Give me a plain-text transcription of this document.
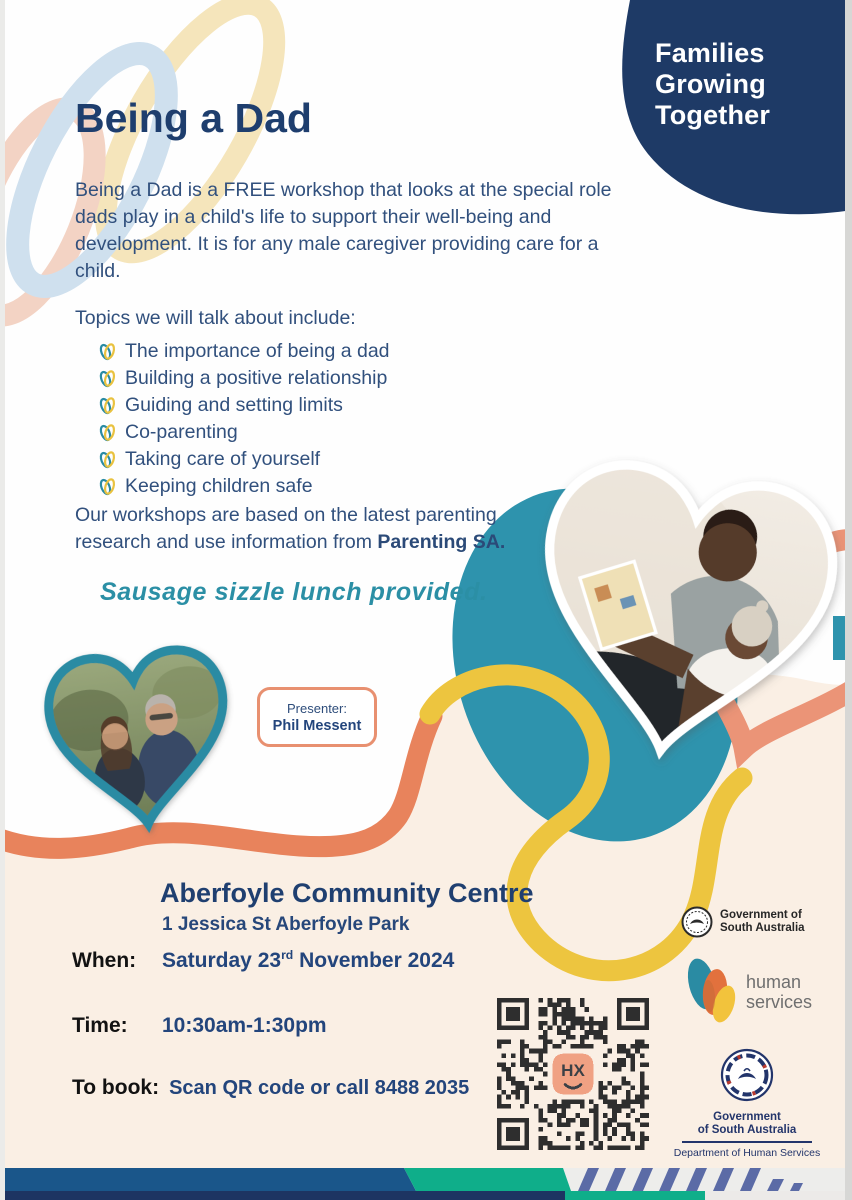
Families
Growing
Together
Being a Dad
Being a Dad is a FREE workshop that looks at the special role dads play in a child's life to support their well-being and development. It is for any male caregiver providing care for a child.
Topics we will talk about include:
The importance of being a dad
Building a positive relationship
Guiding and setting limits
Co-parenting
Taking care of yourself
Keeping children safe
Our workshops are based on the latest parenting research and use information from Parenting SA.
Sausage sizzle lunch provided.
Presenter:
Phil Messent
Aberfoyle Community Centre
1 Jessica St Aberfoyle Park
When:	Saturday 23rd November 2024
Time:	10:30am-1:30pm
To book: Scan QR code or call 8488 2035
HX
Government of
South Australia
human
services
Government
of South Australia
Department of Human Services
